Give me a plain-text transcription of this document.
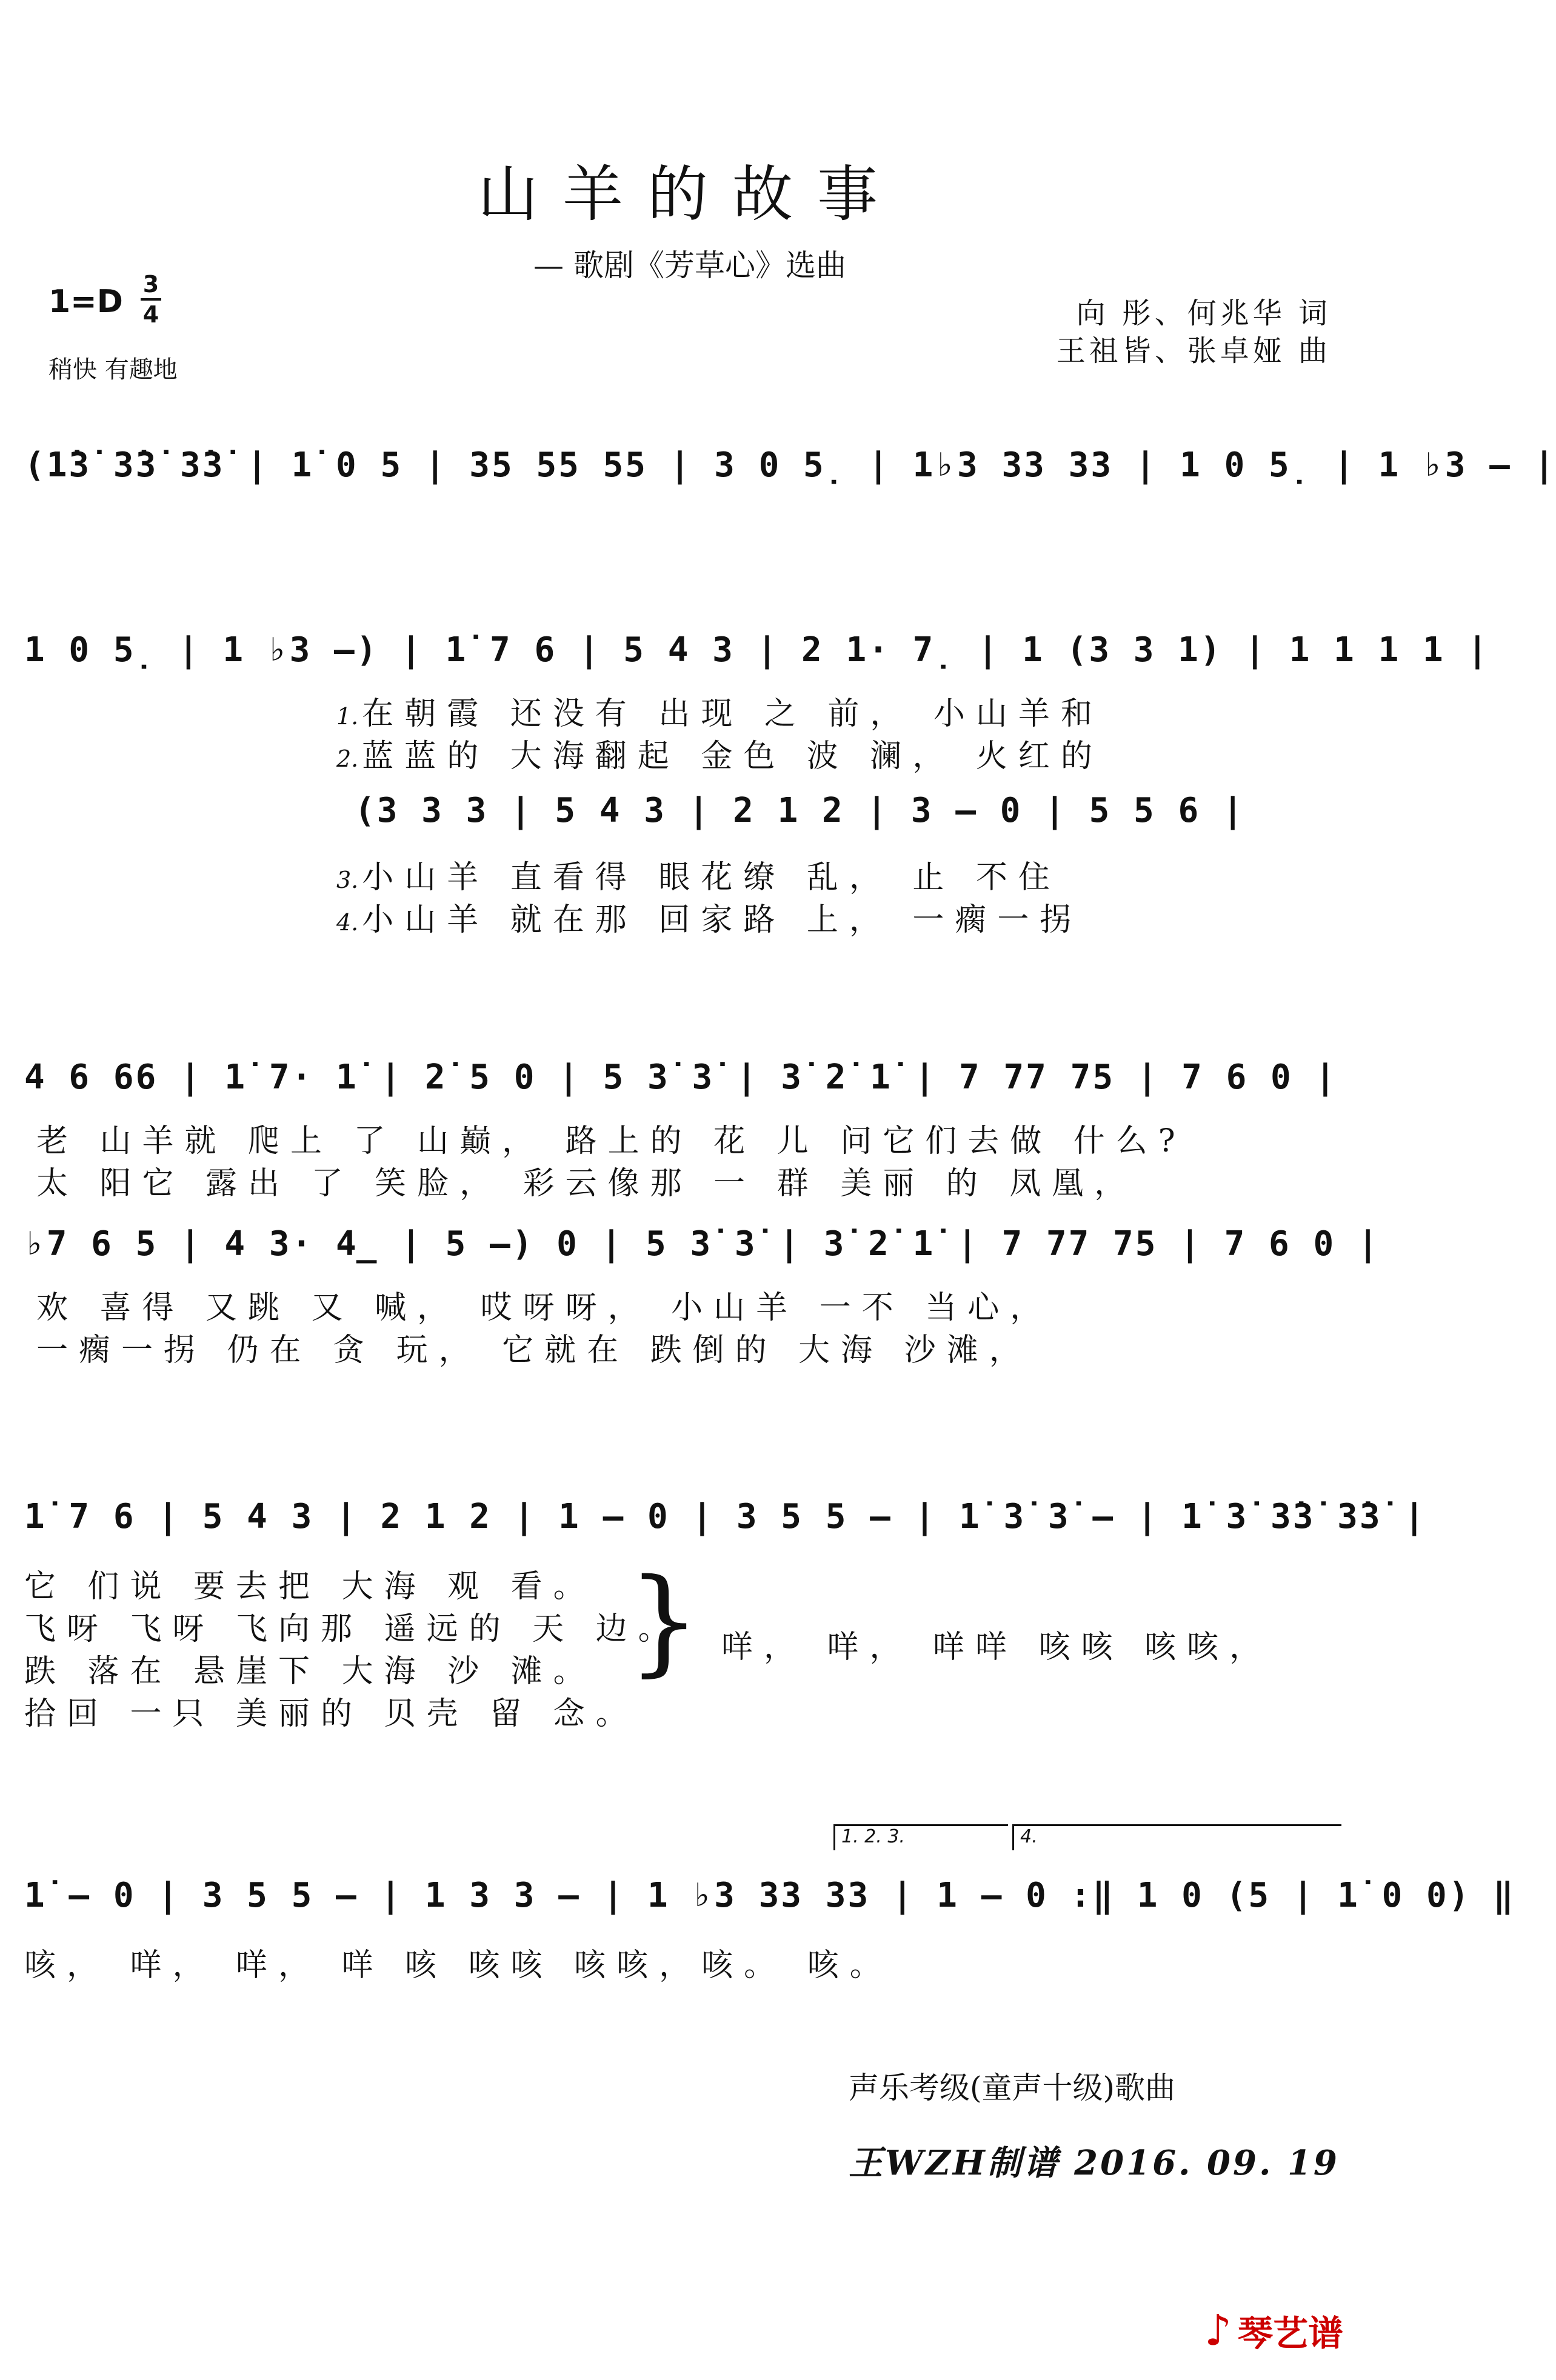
山羊的故事
— 歌剧《芳草心》选曲
1=D 3
4
稍快 有趣地
向 彤、何兆华 词
王祖皆、张卓娅 曲
(1̇3̇ 3̇3̇ 3̇3̇ | 1̇ 0 5 | 35 55 55 | 3 0 5̣ | 1♭3 33 33 | 1 0 5̣ | 1 ♭3 – |
1 0 5̣ | 1 ♭3 –) | 1̇ 7 6 | 5 4 3 | 2 1· 7̣ | 1 (3 3 1) | 1 1 1 1 |
1. 在朝霞 还没有 出现 之 前， 小山羊和
2. 蓝蓝的 大海翻起 金色 波 澜， 火红的
(3 3 3 | 5 4 3 | 2 1 2 | 3 – 0 | 5 5 6 |
3. 小山羊 直看得 眼花缭 乱， 止 不住
4. 小山羊 就在那 回家路 上， 一瘸一拐
4 6 66 | 1̇ 7· 1̇ | 2̇ 5 0 | 5 3̇ 3̇ | 3̇ 2̇ 1̇ | 7 77 75 | 7 6 0 |
老 山羊就 爬上 了 山巅， 路上的 花 儿 问它们去做 什么?
太 阳它 露出 了 笑脸， 彩云像那 一 群 美丽 的 凤凰，
♭7 6 5 | 4 3· 4̲ | 5 –) 0 | 5 3̇ 3̇ | 3̇ 2̇ 1̇ | 7 77 75 | 7 6 0 |
欢 喜得 又跳 又 喊， 哎呀呀， 小山羊 一不 当心，
一瘸一拐 仍在 贪 玩， 它就在 跌倒的 大海 沙滩，
1̇ 7 6 | 5 4 3 | 2 1 2 | 1 – 0 | 3 5 5 – | 1̇ 3̇ 3̇ – | 1̇ 3̇ 3̇3̇ 3̇3̇ |
它 们说 要去把 大海 观 看。
飞呀 飞呀 飞向那 遥远的 天 边。
跌 落在 悬崖下 大海 沙 滩。
拾回 一只 美丽的 贝壳 留 念。
} 咩， 咩， 咩咩 咳咳 咳咳，
1. 2. 3.	4.
1̇ – 0 | 3 5 5 – | 1 3 3 – | 1 ♭3 33 33 | 1 – 0 :‖ 1 0 (5 | 1̇ 0 0) ‖
咳， 咩， 咩， 咩 咳 咳咳 咳咳，咳。 咳。
声乐考级(童声十级)歌曲
王WZH制谱 2016. 09. 19
♪ 琴艺谱
